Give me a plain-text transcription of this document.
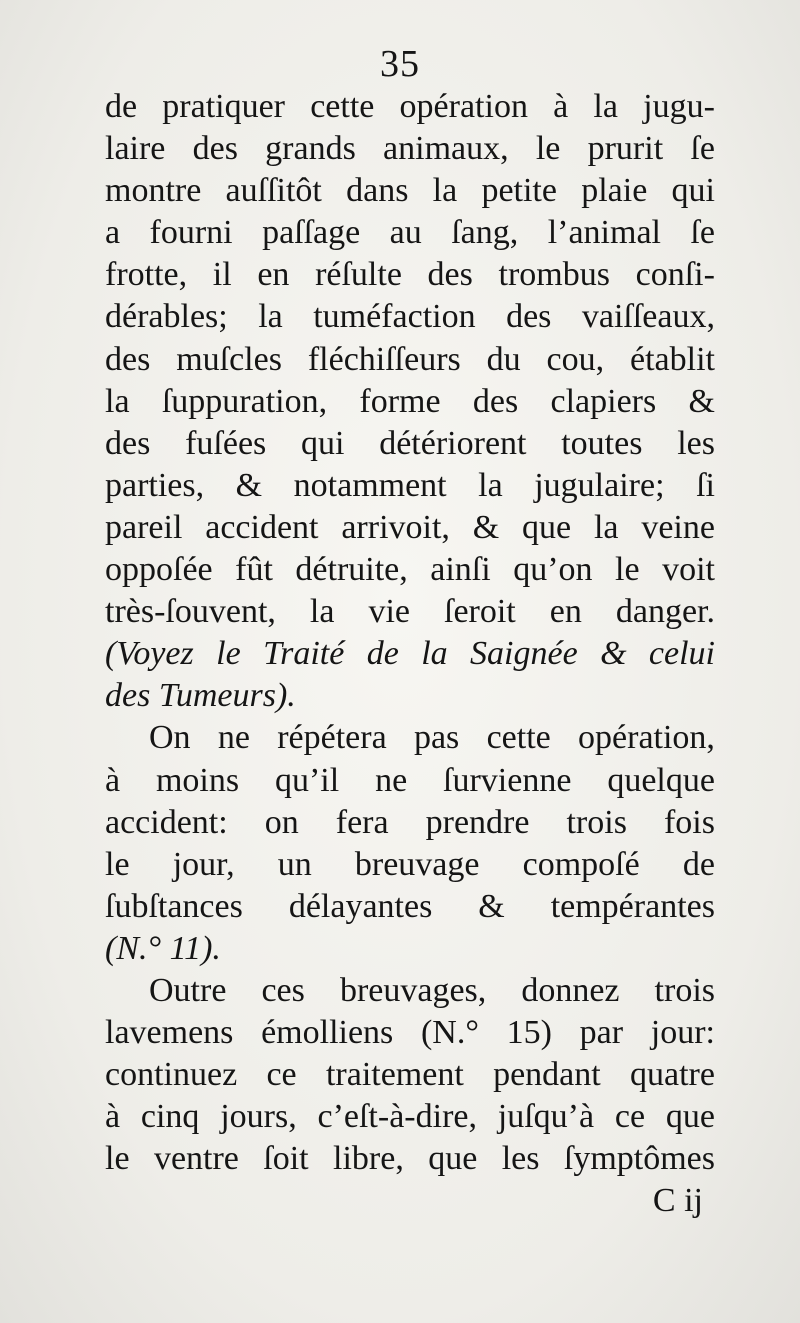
35
de pratiquer cette opération à la jugu-
laire des grands animaux, le prurit ſe
montre auſſitôt dans la petite plaie qui
a fourni paſſage au ſang, l’animal ſe
frotte, il en réſulte des trombus conſi-
dérables; la tuméfaction des vaiſſeaux,
des muſcles fléchiſſeurs du cou, établit
la ſuppuration, forme des clapiers &
des fuſées qui détériorent toutes les
parties, & notamment la jugulaire; ſi
pareil accident arrivoit, & que la veine
oppoſée fût détruite, ainſi qu’on le voit
très-ſouvent, la vie ſeroit en danger.
(Voyez le Traité de la Saignée & celui
des Tumeurs).
On ne répétera pas cette opération,
à moins qu’il ne ſurvienne quelque
accident: on fera prendre trois fois
le jour, un breuvage compoſé de
ſubſtances délayantes & tempérantes
(N.° 11).
Outre ces breuvages, donnez trois
lavemens émolliens (N.° 15) par jour:
continuez ce traitement pendant quatre
à cinq jours, c’eſt-à-dire, juſqu’à ce que
le ventre ſoit libre, que les ſymptômes
C ij
